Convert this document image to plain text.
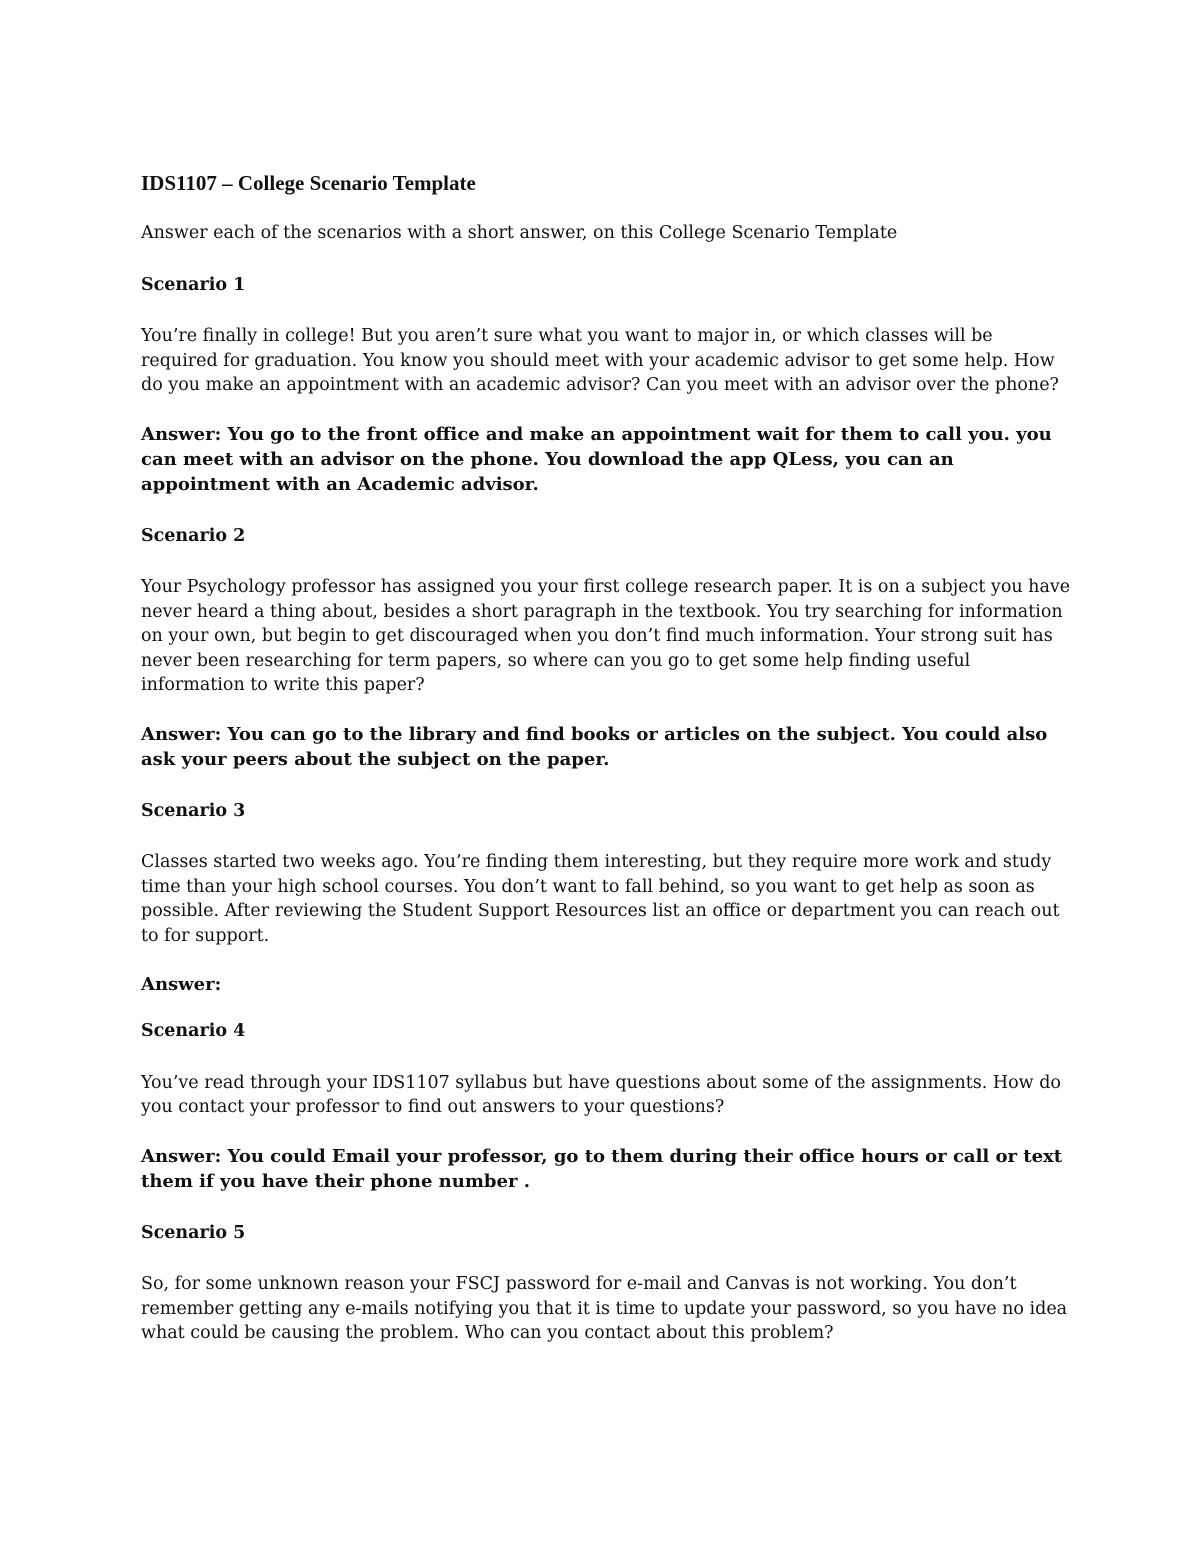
IDS1107 – College Scenario Template
Answer each of the scenarios with a short answer, on this College Scenario Template
Scenario 1
You’re finally in college! But you aren’t sure what you want to major in, or which classes will be required for graduation. You know you should meet with your academic advisor to get some help. How do you make an appointment with an academic advisor? Can you meet with an advisor over the phone?
Answer: You go to the front office and make an appointment wait for them to call you. you can meet with an advisor on the phone. You download the app QLess, you can an appointment with an Academic advisor.
Scenario 2
Your Psychology professor has assigned you your first college research paper. It is on a subject you have never heard a thing about, besides a short paragraph in the textbook. You try searching for information on your own, but begin to get discouraged when you don’t find much information. Your strong suit has never been researching for term papers, so where can you go to get some help finding useful information to write this paper?
Answer: You can go to the library and find books or articles on the subject. You could also ask your peers about the subject on the paper.
Scenario 3
Classes started two weeks ago. You’re finding them interesting, but they require more work and study time than your high school courses. You don’t want to fall behind, so you want to get help as soon as possible. After reviewing the Student Support Resources list an office or department you can reach out to for support.
Answer:
Scenario 4
You’ve read through your IDS1107 syllabus but have questions about some of the assignments. How do you contact your professor to find out answers to your questions?
Answer: You could Email your professor, go to them during their office hours or call or text them if you have their phone number .
Scenario 5
So, for some unknown reason your FSCJ password for e-mail and Canvas is not working. You don’t remember getting any e-mails notifying you that it is time to update your password, so you have no idea what could be causing the problem. Who can you contact about this problem?
